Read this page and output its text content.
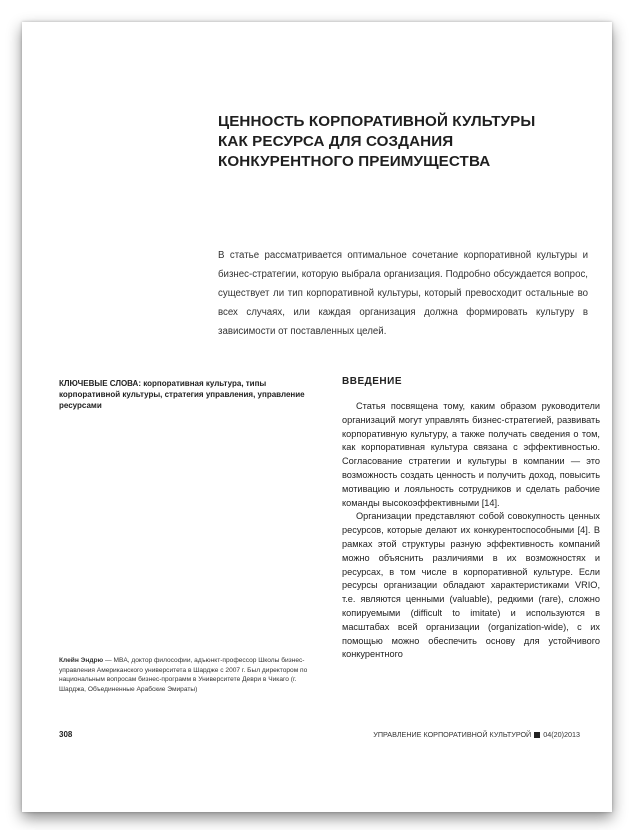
ЦЕННОСТЬ КОРПОРАТИВНОЙ КУЛЬТУРЫ
КАК РЕСУРСА ДЛЯ СОЗДАНИЯ
КОНКУРЕНТНОГО ПРЕИМУЩЕСТВА

В статье рассматривается оптимальное сочетание корпоративной культуры и бизнес-стратегии, которую выбрала организация. Подробно обсуждается вопрос, существует ли тип корпоративной культуры, который превосходит остальные во всех случаях, или каждая организация должна формировать культуру в зависимости от поставленных целей.

КЛЮЧЕВЫЕ СЛОВА: корпоративная культура, типы корпоративной культуры, стратегия управления, управление ресурсами

ВВЕДЕНИЕ

Статья посвящена тому, каким образом руководители организаций могут управлять бизнес-стратегией, развивать корпоративную культуру, а также получать сведения о том, как корпоративная культура связана с эффективностью. Согласование стратегии и культуры в компании — это возможность создать ценность и получить доход, повысить мотивацию и лояльность сотрудников и сделать рабочие команды высокоэффективными [14].

Организации представляют собой совокупность ценных ресурсов, которые делают их конкурентоспособными [4]. В рамках этой структуры разную эффективность компаний можно объяснить различиями в их возможностях и ресурсах, в том числе в корпоративной культуре. Если ресурсы организации обладают характеристиками VRIO, т.е. являются ценными (valuable), редкими (rare), сложно копируемыми (difficult to imitate) и используются в масштабах всей организации (organization-wide), с их помощью можно обеспечить основу для устойчивого конкурентного

Клейн Эндрю — MBA, доктор философии, адъюнкт-профессор Школы бизнес-управления Американского университета в Шардже с 2007 г. Был директором по национальным вопросам бизнес-программ в Университете Деври в Чикаго (г. Шарджа, Объединенные Арабские Эмираты)
308	УПРАВЛЕНИЕ КОРПОРАТИВНОЙ КУЛЬТУРОЙ 04(20)2013
